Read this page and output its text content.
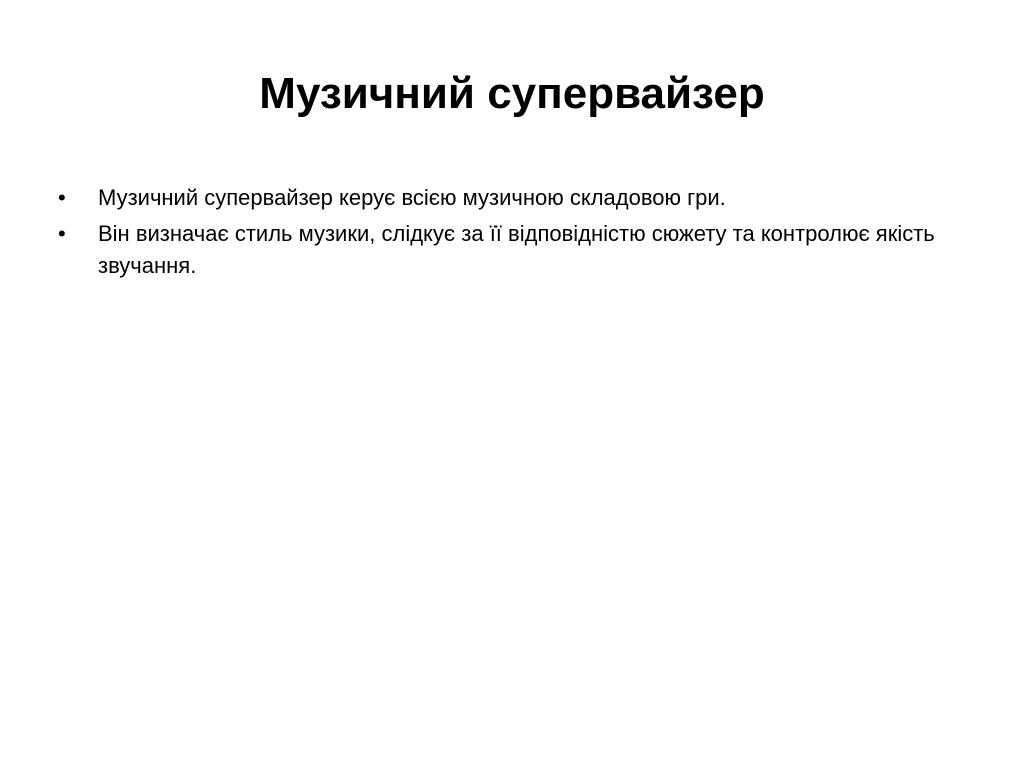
Музичний супервайзер
•	Музичний супервайзер керує всією музичною складовою гри.
•	Він визначає стиль музики, слідкує за її відповідністю сюжету та контролює якість звучання.
